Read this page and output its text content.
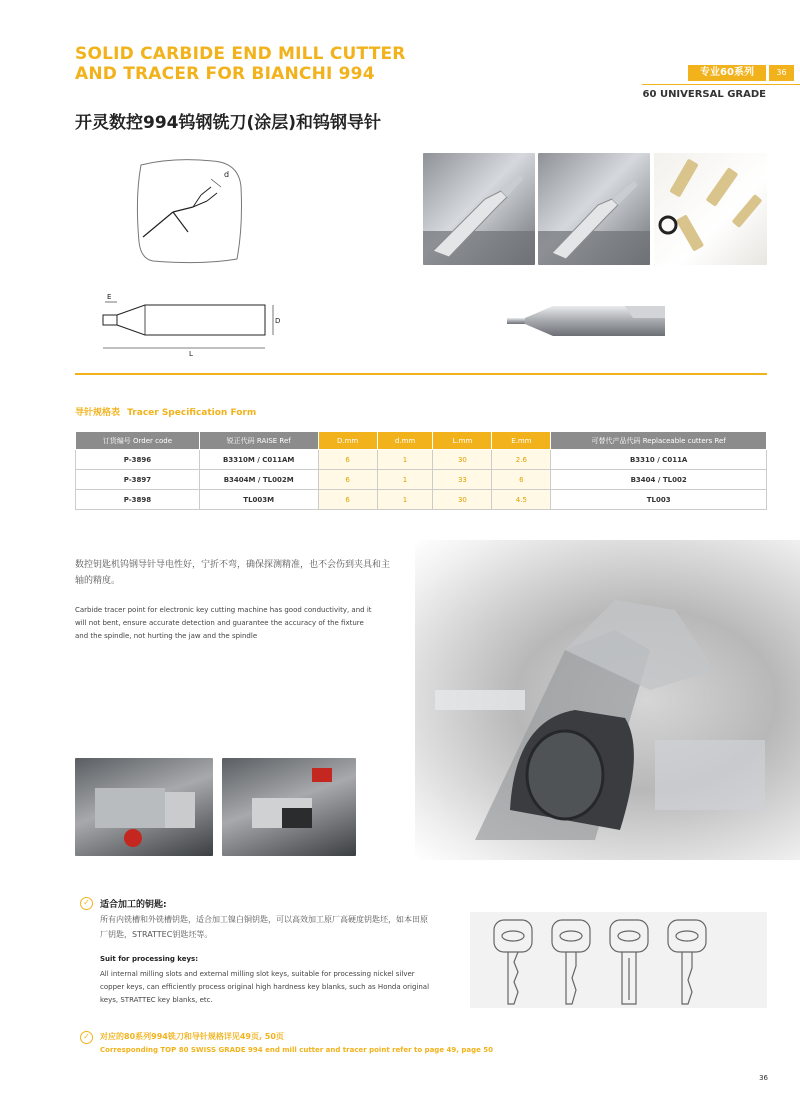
SOLID CARBIDE END MILL CUTTER
AND TRACER FOR BIANCHI 994	专业60系列	36
60 UNIVERSAL GRADE
开灵数控994钨钢铣刀(涂层)和钨钢导针
d
E
D
L
导针规格表 Tracer Specification Form
订货编号 Order code	锐正代码 RAISE Ref	D.mm	d.mm	L.mm	E.mm	可替代产品代码 Replaceable cutters Ref
P-3896	B3310M / C011AM	6	1	30	2.6	B3310 / C011A
P-3897	B3404M / TL002M	6	1	33	6	B3404 / TL002
P-3898	TL003M	6	1	30	4.5	TL003
数控钥匙机钨钢导针导电性好，宁折不弯，确保探测精准，也不会伤到夹具和主轴的精度。
Carbide tracer point for electronic key cutting machine has good conductivity, and it will not bent, ensure accurate detection and guarantee the accuracy of the fixture and the spindle, not hurting the jaw and the spindle
✓	适合加工的钥匙:
所有内铣槽和外铣槽钥匙，适合加工镍白铜钥匙，可以高效加工原厂高硬度钥匙坯，如本田原厂钥匙，STRATTEC钥匙坯等。
Suit for processing keys:
All internal milling slots and external milling slot keys, suitable for processing nickel silver copper keys, can efficiently process original high hardness key blanks, such as Honda original keys, STRATTEC key blanks, etc.
✓	对应的80系列994铣刀和导针规格详见49页, 50页
Corresponding TOP 80 SWISS GRADE 994 end mill cutter and tracer point refer to page 49, page 50
36
